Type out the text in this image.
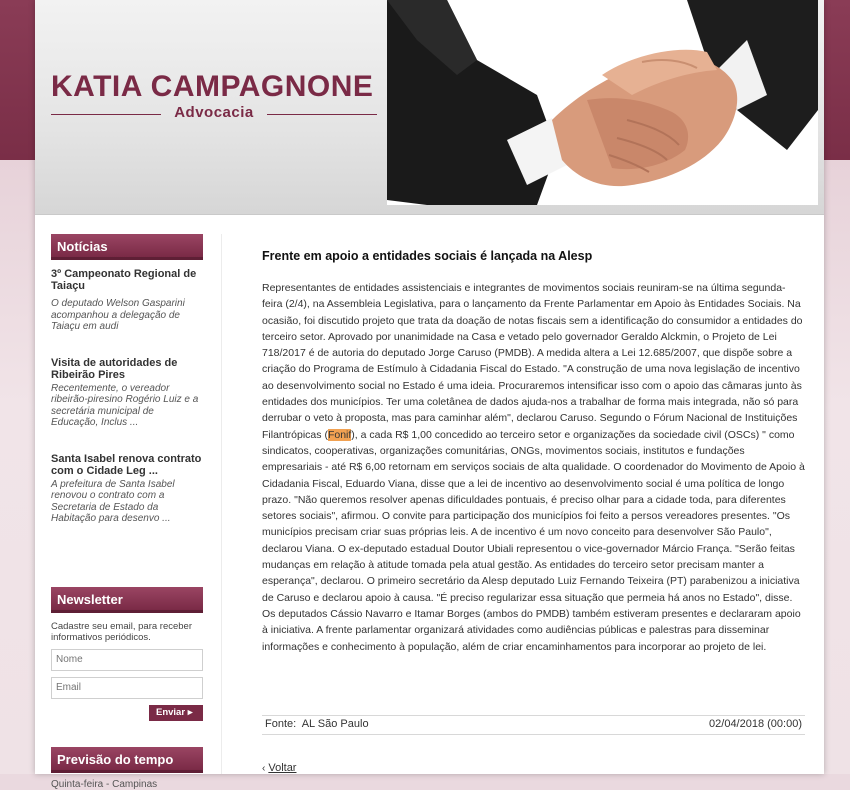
KATIA CAMPAGNONE
Advocacia
Notícias
3º Campeonato Regional de Taiaçu
O deputado Welson Gasparini acompanhou a delegação de Taiaçu em audi
Visita de autoridades de Ribeirão Pires
Recentemente, o vereador ribeirão-piresino Rogério Luiz e a secretária municipal de Educação, Inclus ...
Santa Isabel renova contrato com o Cidade Leg ...
A prefeitura de Santa Isabel renovou o contrato com a Secretaria de Estado da Habitação para desenvo ...
Newsletter
Cadastre seu email, para receber informativos periódicos.
Nome
Email
Enviar ▸
Previsão do tempo
Quinta-feira - Campinas
Frente em apoio a entidades sociais é lançada na Alesp
Representantes de entidades assistenciais e integrantes de movimentos sociais reuniram-se na última segunda-feira (2/4), na Assembleia Legislativa, para o lançamento da Frente Parlamentar em Apoio às Entidades Sociais. Na ocasião, foi discutido projeto que trata da doação de notas fiscais sem a identificação do consumidor a entidades do terceiro setor. Aprovado por unanimidade na Casa e vetado pelo governador Geraldo Alckmin, o Projeto de Lei 718/2017 é de autoria do deputado Jorge Caruso (PMDB). A medida altera a Lei 12.685/2007, que dispõe sobre a criação do Programa de Estímulo à Cidadania Fiscal do Estado. "A construção de uma nova legislação de incentivo ao desenvolvimento social no Estado é uma ideia. Procuraremos intensificar isso com o apoio das câmaras junto às entidades dos municípios. Ter uma coletânea de dados ajuda-nos a trabalhar de forma mais integrada, não só para derrubar o veto à proposta, mas para caminhar além", declarou Caruso. Segundo o Fórum Nacional de Instituições Filantrópicas (Fonif), a cada R$ 1,00 concedido ao terceiro setor e organizações da sociedade civil (OSCs) " como sindicatos, cooperativas, organizações comunitárias, ONGs, movimentos sociais, institutos e fundações empresariais - até R$ 6,00 retornam em serviços sociais de alta qualidade. O coordenador do Movimento de Apoio à Cidadania Fiscal, Eduardo Viana, disse que a lei de incentivo ao desenvolvimento social é uma política de longo prazo. "Não queremos resolver apenas dificuldades pontuais, é preciso olhar para a cidade toda, para diferentes setores sociais", afirmou. O convite para participação dos municípios foi feito a persos vereadores presentes. "Os municípios precisam criar suas próprias leis. A de incentivo é um novo conceito para desenvolver São Paulo", declarou Viana. O ex-deputado estadual Doutor Ubiali representou o vice-governador Márcio França. "Serão feitas mudanças em relação à atitude tomada pela atual gestão. As entidades do terceiro setor precisam manter a esperança", declarou. O primeiro secretário da Alesp deputado Luiz Fernando Teixeira (PT) parabenizou a iniciativa de Caruso e declarou apoio à causa. "É preciso regularizar essa situação que permeia há anos no Estado", disse. Os deputados Cássio Navarro e Itamar Borges (ambos do PMDB) também estiveram presentes e declararam apoio à iniciativa. A frente parlamentar organizará atividades como audiências públicas e palestras para disseminar informações e conhecimento à população, além de criar encaminhamentos para incorporar ao projeto de lei.
Fonte: AL São Paulo	02/04/2018 (00:00)
‹ Voltar
